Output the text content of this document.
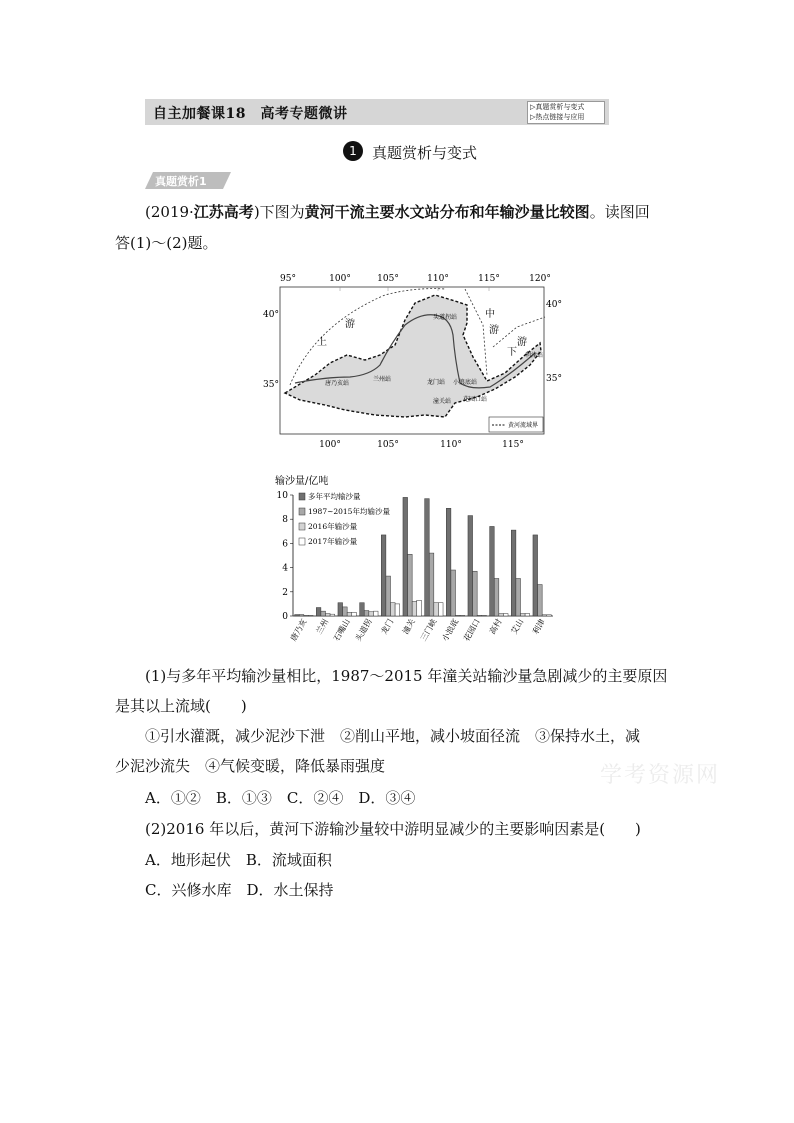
自主加餐课18　高考专题微讲	▷真题赏析与变式
▷热点链接与应用
1	真题赏析与变式
真题赏析1
(2019·江苏高考)下图为黄河干流主要水文站分布和年输沙量比较图。读图回
答(1)～(2)题。
95°	100°	105°	110°	115°	120°
40°
35°
40°
35°
上
游
中
游
下
游
唐乃亥站
兰州站
头道拐站
龙门站 小浪底站
潼关站 花园口站
利津站
黄河流域界
100°	105°	110°	115°
输沙量/亿吨
0
2
4
6
8
10	多年平均输沙量
1987~2015年均输沙量
2016年输沙量
2017年输沙量
唐乃亥 兰州 石嘴山 头道拐 龙门 潼关 三门峡 小浪底 花园口 高村 艾山 利津
(1)与多年平均输沙量相比，1987～2015 年潼关站输沙量急剧减少的主要原因
是其以上流域(　　)
①引水灌溉，减少泥沙下泄　②削山平地，减小坡面径流　③保持水土，减
少泥沙流失　④气候变暖，降低暴雨强度
A．①②　B．①③　C．②④　D．③④
(2)2016 年以后，黄河下游输沙量较中游明显减少的主要影响因素是(　　)
A．地形起伏　B．流域面积
C．兴修水库　D．水土保持
学考资源网
